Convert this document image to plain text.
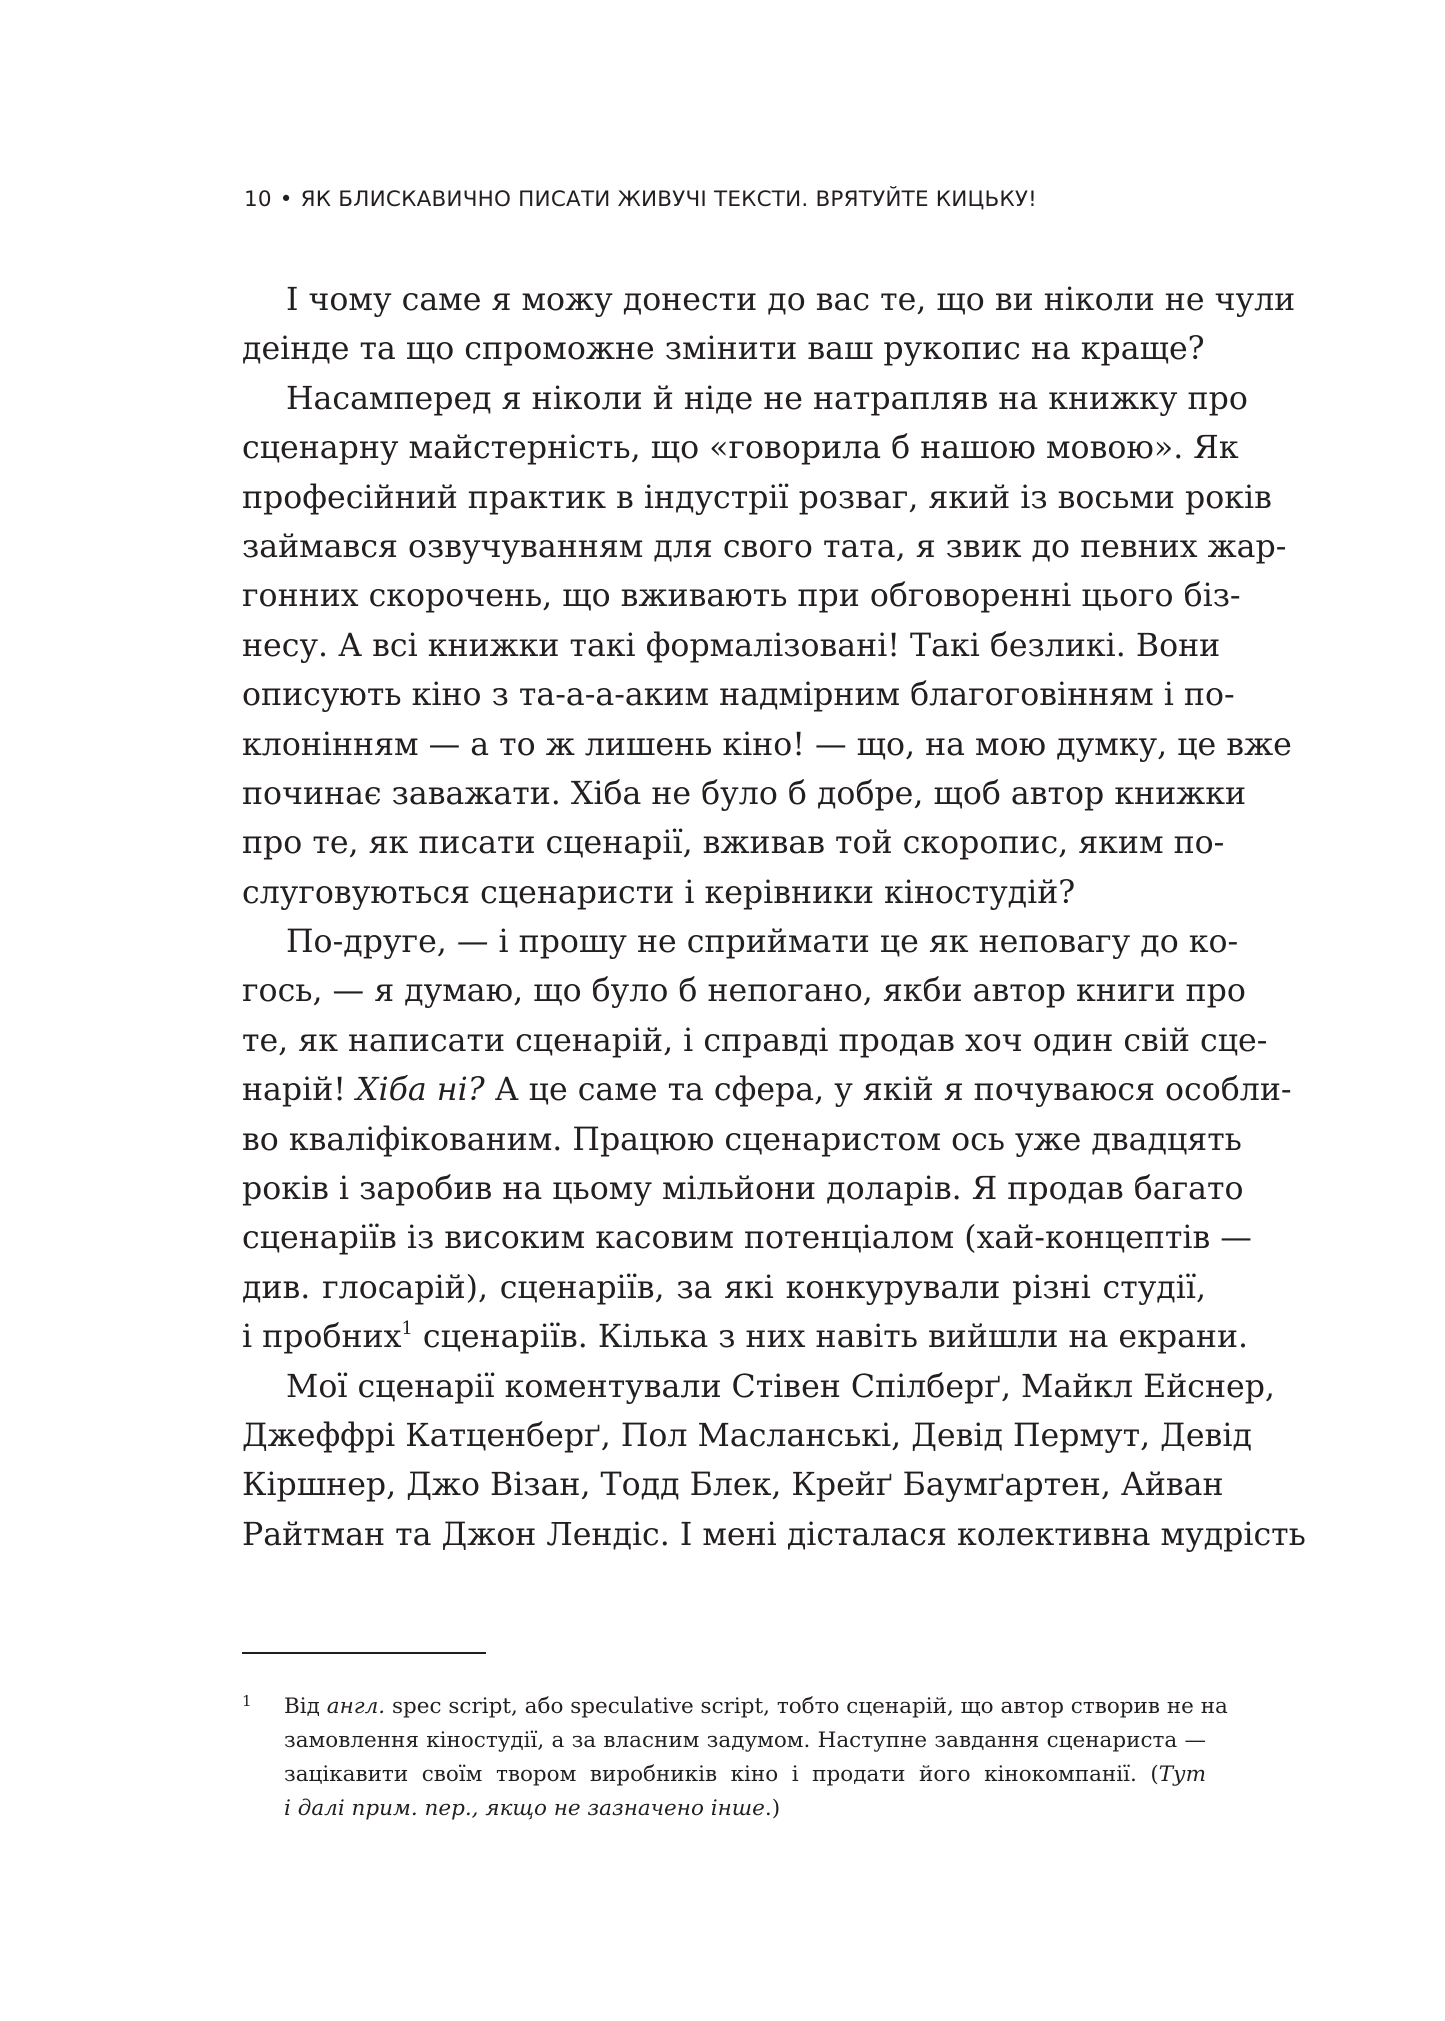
10 • ЯК БЛИСКАВИЧНО ПИСАТИ ЖИВУЧІ ТЕКСТИ. ВРЯТУЙТЕ КИЦЬКУ!
І чому саме я можу донести до вас те, що ви ніколи не чули
деінде та що спроможне змінити ваш рукопис на краще?
Насамперед я ніколи й ніде не натрапляв на книжку про
сценарну майстерність, що «говорила б нашою мовою». Як
професійний практик в індустрії розваг, який із восьми років
займався озвучуванням для свого тата, я звик до певних жар-
гонних скорочень, що вживають при обговоренні цього біз-
несу. А всі книжки такі формалізовані! Такі безликі. Вони
описують кіно з та-а-а-аким надмірним благоговінням і по-
клонінням — а то ж лишень кіно! — що, на мою думку, це вже
починає заважати. Хіба не було б добре, щоб автор книжки
про те, як писати сценарії, вживав той скоропис, яким по-
слуговуються сценаристи і керівники кіностудій?
По-друге, — і прошу не сприймати це як неповагу до ко-
гось, — я думаю, що було б непогано, якби автор книги про
те, як написати сценарій, і справді продав хоч один свій сце-
нарій! Хіба ні? А це саме та сфера, у якій я почуваюся особли-
во кваліфікованим. Працюю сценаристом ось уже двадцять
років і заробив на цьому мільйони доларів. Я продав багато
сценаріїв із високим касовим потенціалом (хай-концептів —
див. глосарій), сценаріїв, за які конкурували різні студії,
і пробних$^1$ сценаріїв. Кілька з них навіть вийшли на екрани.
Мої сценарії коментували Стівен Спілберґ, Майкл Ейснер,
Джеффрі Катценберґ, Пол Масланські, Девід Пермут, Девід
Кіршнер, Джо Візан, Тодд Блек, Крейґ Баумґартен, Айван
Райтман та Джон Лендіс. І мені дісталася колективна мудрість
1 Від англ. spec script, або speculative script, тобто сценарій, що автор створив не на
замовлення кіностудії, а за власним задумом. Наступне завдання сценариста —
зацікавити своїм твором виробників кіно і продати його кінокомпанії. (Тут
і далі прим. пер., якщо не зазначено інше.)
